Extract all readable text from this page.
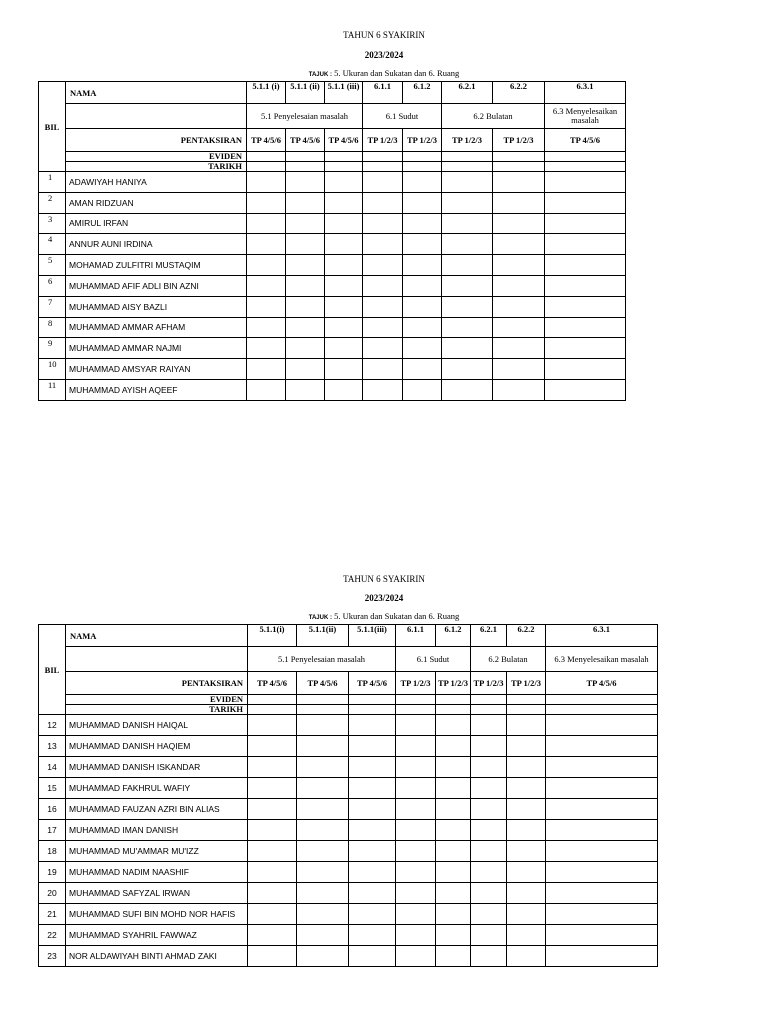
TAHUN 6 SYAKIRIN
2023/2024
TAJUK : 5. Ukuran dan Sukatan dan 6. Ruang
BIL	NAMA	5.1.1 (i)	5.1.1 (ii)	5.1.1 (iii)	6.1.1	6.1.2	6.2.1	6.2.2	6.3.1
		5.1 Penyelesaian masalah			6.1 Sudut		6.2 Bulatan		6.3 Menyelesaikan masalah
	PENTAKSIRAN	TP 4/5/6	TP 4/5/6	TP 4/5/6	TP 1/2/3	TP 1/2/3	TP 1/2/3	TP 1/2/3	TP 4/5/6
	EVIDEN								
	TARIKH								
1	ADAWIYAH HANIYA								
2	AMAN RIDZUAN								
3	AMIRUL IRFAN								
4	ANNUR AUNI IRDINA								
5	MOHAMAD ZULFITRI MUSTAQIM								
6	MUHAMMAD AFIF ADLI BIN AZNI								
7	MUHAMMAD AISY BAZLI								
8	MUHAMMAD AMMAR AFHAM								
9	MUHAMMAD AMMAR NAJMI								
10	MUHAMMAD AMSYAR RAIYAN								
11	MUHAMMAD AYISH AQEEF								
TAHUN 6 SYAKIRIN
2023/2024
TAJUK : 5. Ukuran dan Sukatan dan 6. Ruang
BIL	NAMA	5.1.1(i)	5.1.1(ii)	5.1.1(iii)	6.1.1	6.1.2	6.2.1	6.2.2	6.3.1
		5.1 Penyelesaian masalah			6.1 Sudut		6.2 Bulatan		6.3 Menyelesaikan masalah
	PENTAKSIRAN	TP 4/5/6	TP 4/5/6	TP 4/5/6	TP 1/2/3	TP 1/2/3	TP 1/2/3	TP 1/2/3	TP 4/5/6
	EVIDEN								
	TARIKH								
12	MUHAMMAD DANISH HAIQAL								
13	MUHAMMAD DANISH HAQIEM								
14	MUHAMMAD DANISH ISKANDAR								
15	MUHAMMAD FAKHRUL WAFIY								
16	MUHAMMAD FAUZAN AZRI BIN ALIAS								
17	MUHAMMAD IMAN DANISH								
18	MUHAMMAD MU'AMMAR MU'IZZ								
19	MUHAMMAD NADIM NAASHIF								
20	MUHAMMAD SAFYZAL IRWAN								
21	MUHAMMAD SUFI BIN MOHD NOR HAFIS								
22	MUHAMMAD SYAHRIL FAWWAZ								
23	NOR ALDAWIYAH BINTI AHMAD ZAKI								
